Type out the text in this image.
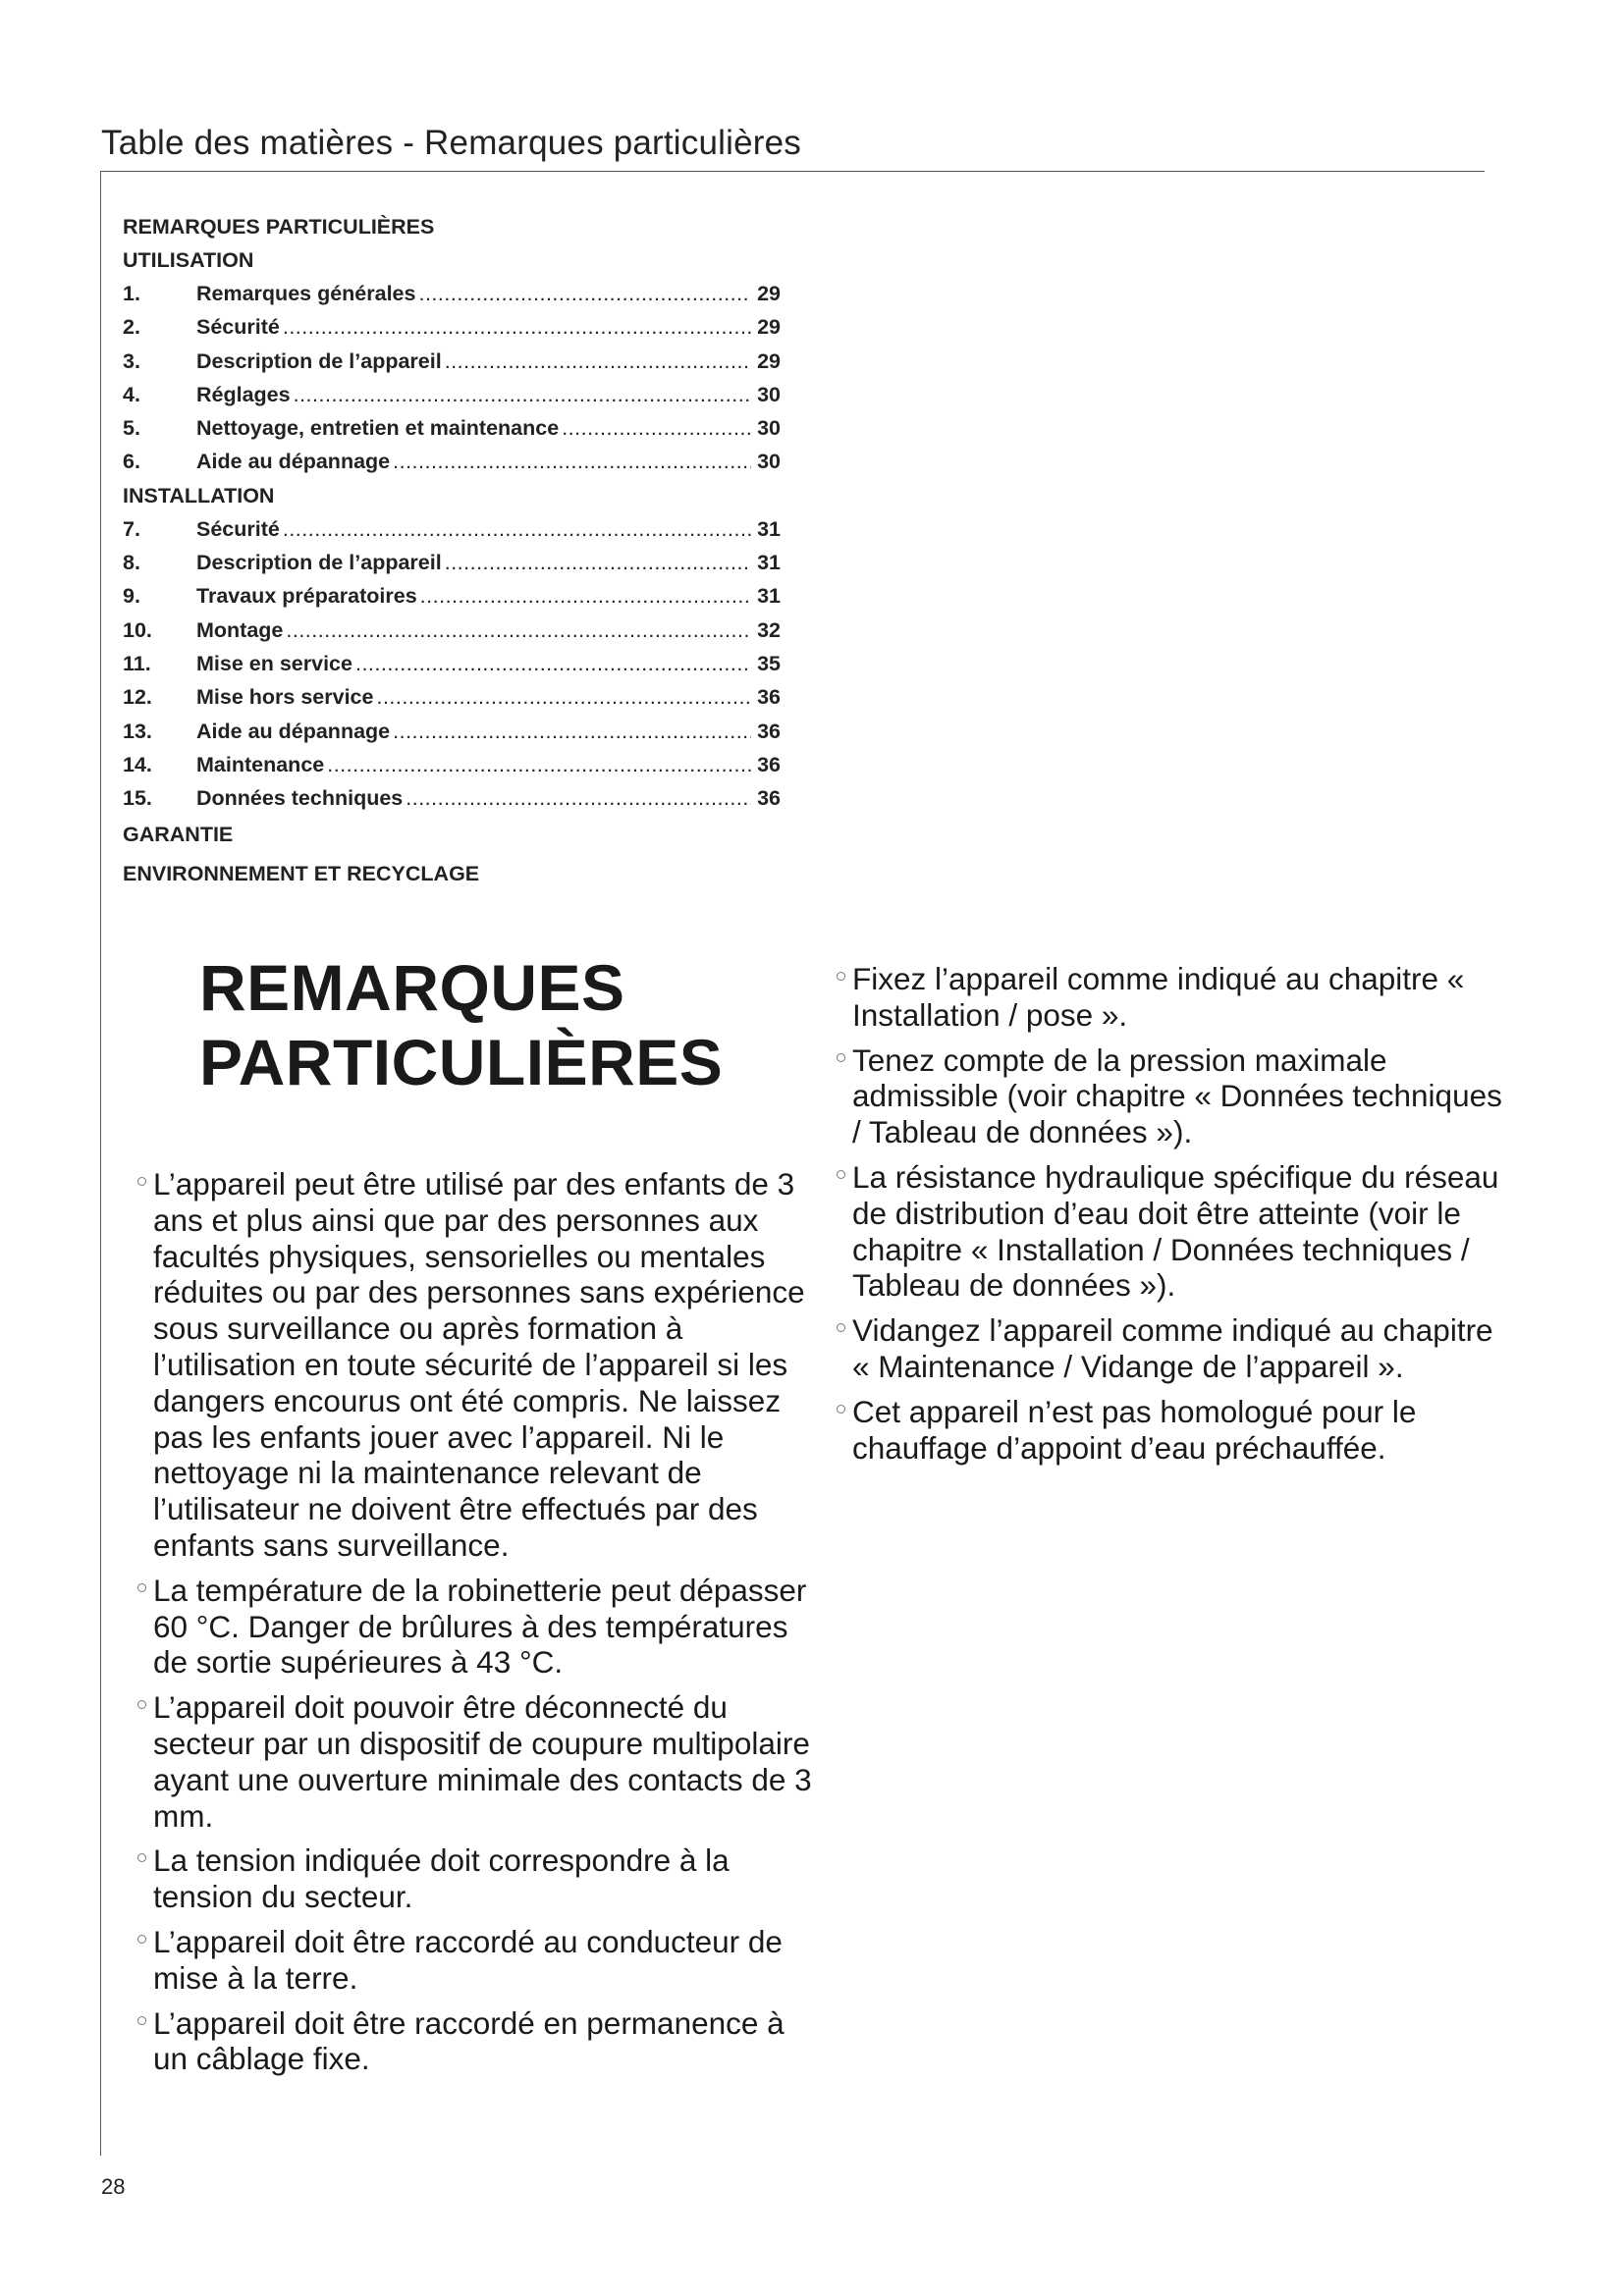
Table des matières - Remarques particulières
REMARQUES PARTICULIÈRES
UTILISATION
1.	Remarques générales .....	29
2.	Sécurité .....	29
3.	Description de l’appareil .....	29
4.	Réglages .....	30
5.	Nettoyage, entretien et maintenance .....	30
6.	Aide au dépannage .....	30
INSTALLATION
7.	Sécurité .....	31
8.	Description de l’appareil .....	31
9.	Travaux préparatoires .....	31
10.	Montage .....	32
11.	Mise en service .....	35
12.	Mise hors service .....	36
13.	Aide au dépannage .....	36
14.	Maintenance .....	36
15.	Données techniques .....	36
GARANTIE
ENVIRONNEMENT ET RECYCLAGE
REMARQUES
PARTICULIÈRES
L’appareil peut être utilisé par des enfants de 3 ans et plus ainsi que par des personnes aux facultés physiques, sensorielles ou mentales réduites ou par des personnes sans expérience sous surveillance ou après formation à l’utilisation en toute sécurité de l’appareil si les dangers encourus ont été compris. Ne laissez pas les enfants jouer avec l’appareil. Ni le nettoyage ni la maintenance relevant de l’utilisateur ne doivent être effectués par des enfants sans surveillance.
La température de la robinetterie peut dépasser 60 °C. Danger de brûlures à des températures de sortie supérieures à 43 °C.
L’appareil doit pouvoir être déconnecté du secteur par un dispositif de coupure multipolaire ayant une ouverture minimale des contacts de 3 mm.
La tension indiquée doit correspondre à la tension du secteur.
L’appareil doit être raccordé au conducteur de mise à la terre.
L’appareil doit être raccordé en permanence à un câblage fixe.
Fixez l’appareil comme indiqué au chapitre « Installation / pose ».
Tenez compte de la pression maximale admissible (voir chapitre « Données techniques / Tableau de données »).
La résistance hydraulique spécifique du réseau de distribution d’eau doit être atteinte (voir le chapitre « Installation / Données techniques / Tableau de données »).
Vidangez l’appareil comme indiqué au chapitre « Maintenance / Vidange de l’appareil ».
Cet appareil n’est pas homologué pour le chauffage d’appoint d’eau préchauffée.
28
